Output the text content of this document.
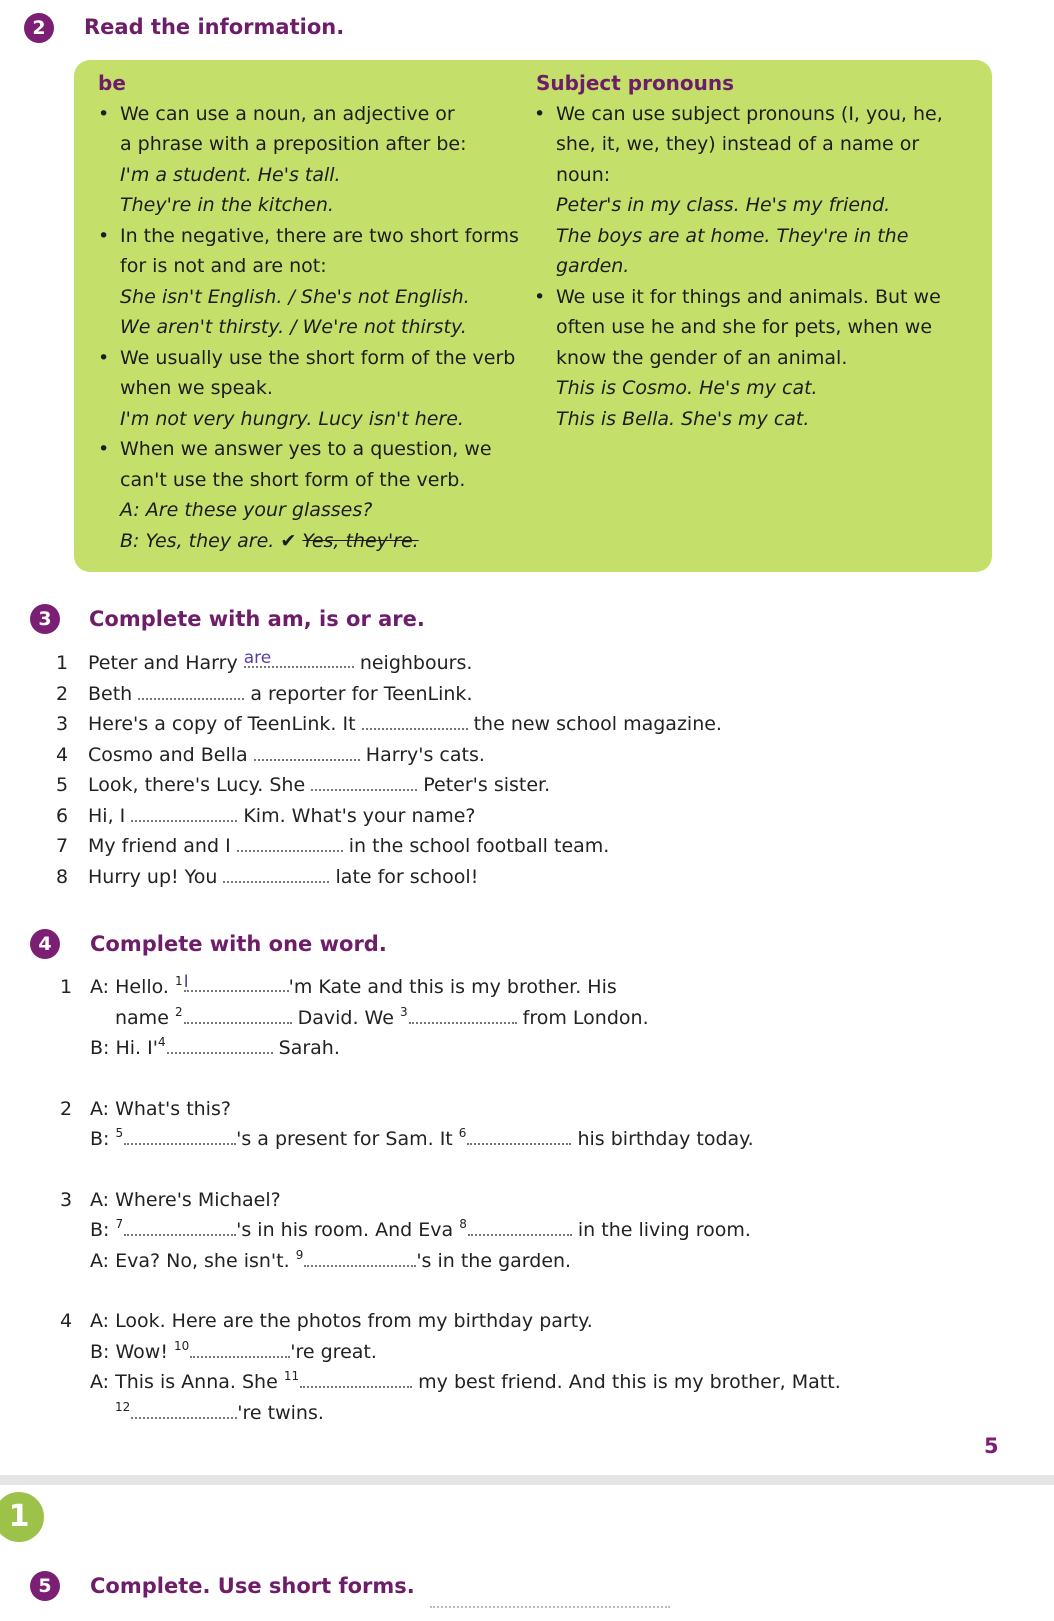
2	Read the information.
be
• We can use a noun, an adjective or
a phrase with a preposition after be:
I'm a student. He's tall.
They're in the kitchen.
• In the negative, there are two short forms
for is not and are not:
She isn't English. / She's not English.
We aren't thirsty. / We're not thirsty.
• We usually use the short form of the verb
when we speak.
I'm not very hungry. Lucy isn't here.
• When we answer yes to a question, we
can't use the short form of the verb.
A: Are these your glasses?
B: Yes, they are. ✔ Yes, they're.
Subject pronouns
• We can use subject pronouns (I, you, he,
she, it, we, they) instead of a name or
noun:
Peter's in my class. He's my friend.
The boys are at home. They're in the
garden.
• We use it for things and animals. But we
often use he and she for pets, when we
know the gender of an animal.
This is Cosmo. He's my cat.
This is Bella. She's my cat.
3	Complete with am, is or are.
1 Peter and Harry are	neighbours.
2 Beth	a reporter for TeenLink.
3 Here's a copy of TeenLink. It	the new school magazine.
4 Cosmo and Bella	Harry's cats.
5 Look, there's Lucy. She	Peter's sister.
6 Hi, I	Kim. What's your name?
7 My friend and I	in the school football team.
8 Hurry up! You	late for school!
4	Complete with one word.
1 A: Hello. $^1$I	'm Kate and this is my brother. His
name $^2$	David. We $^3$	from London.
B: Hi. $I'^4$	Sarah.
2 A: What's this?
B: $^5$	's a present for Sam. It $^6$	his birthday today.
3 A: Where's Michael?
B: $^7$	's in his room. And Eva $^8$	in the living room.
A: Eva? No, she isn't. $^9$	's in the garden.
4 A: Look. Here are the photos from my birthday party.
B: Wow! $^{10}$	're great.
A: This is Anna. She $^{11}$	my best friend. And this is my brother, Matt.
$^{12}$	're twins.
5
1
5	Complete. Use short forms.
